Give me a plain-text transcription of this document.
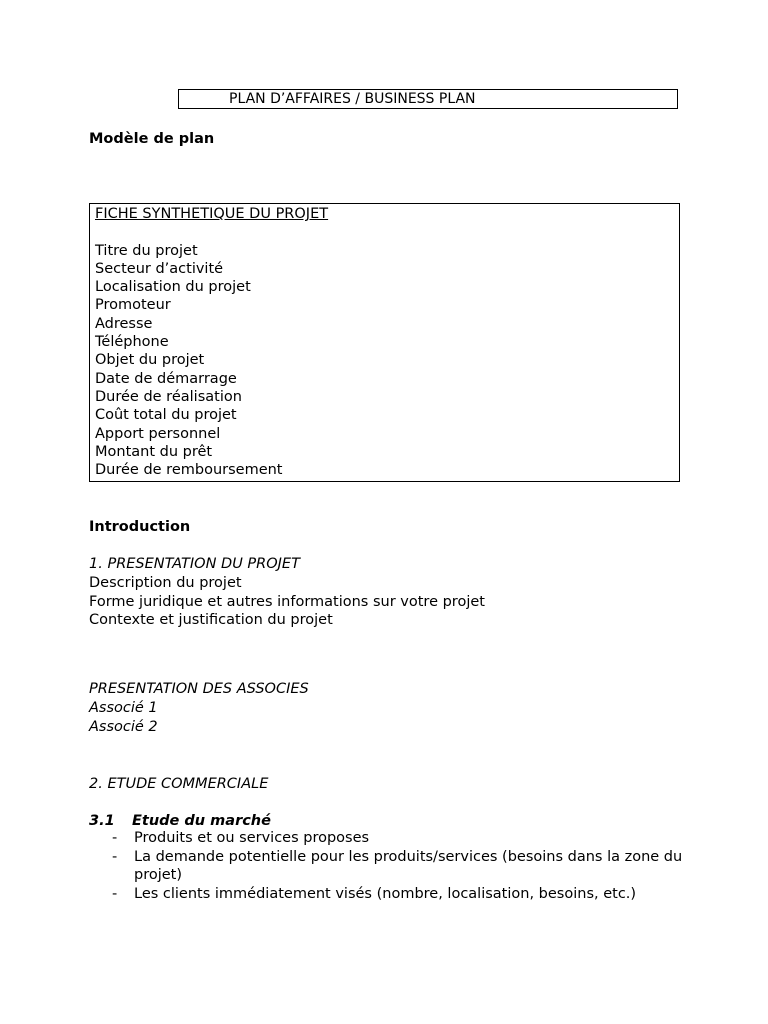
PLAN D’AFFAIRES / BUSINESS PLAN
Modèle de plan
FICHE SYNTHETIQUE DU PROJET
Titre du projet
Secteur d’activité
Localisation du projet
Promoteur
Adresse
Téléphone
Objet du projet
Date de démarrage
Durée de réalisation
Coût total du projet
Apport personnel
Montant du prêt
Durée de remboursement
Introduction
1. PRESENTATION DU PROJET
Description du projet
Forme juridique et autres informations sur votre projet
Contexte et justification du projet
PRESENTATION DES ASSOCIES
Associé 1
Associé 2
2. ETUDE COMMERCIALE
3.1 Etude du marché
- Produits et ou services proposes
- La demande potentielle pour les produits/services (besoins dans la zone du projet)
- Les clients immédiatement visés (nombre, localisation, besoins, etc.)
